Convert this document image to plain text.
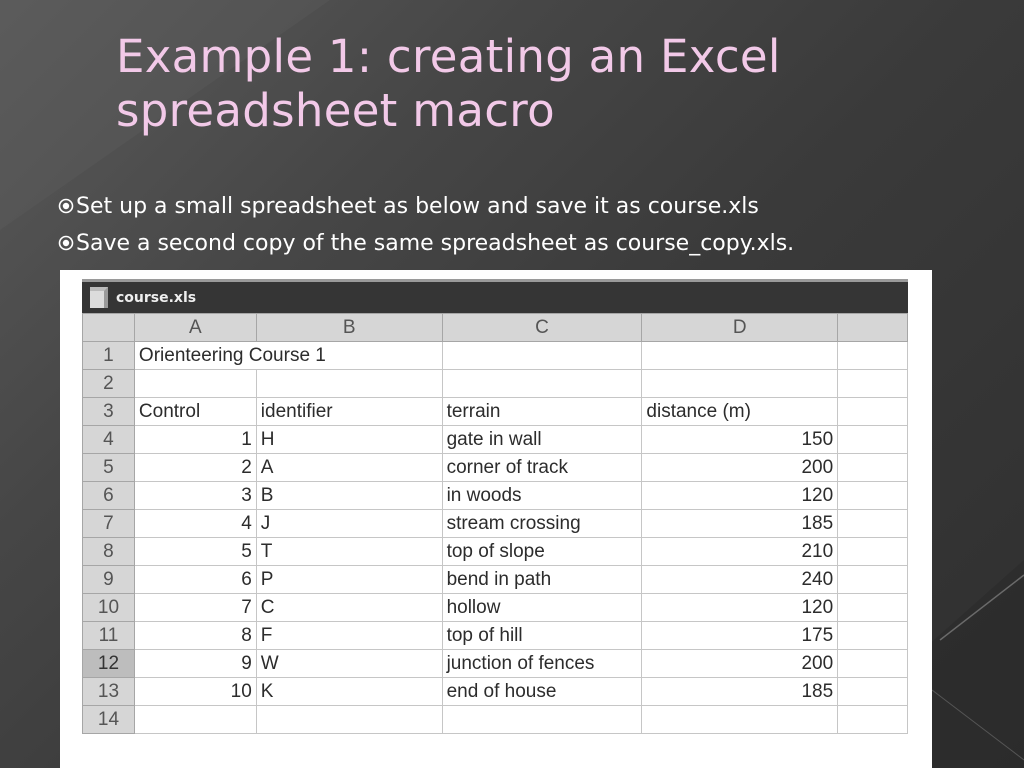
Example 1: creating an Excel
spreadsheet macro
Set up a small spreadsheet as below and save it as course.xls
Save a second copy of the same spreadsheet as course_copy.xls.
course.xls
	A	B	C	D	
1	Orienteering Course 1				
2					
3	Control	identifier	terrain	distance (m)	
4	1	H	gate in wall	150	
5	2	A	corner of track	200	
6	3	B	in woods	120	
7	4	J	stream crossing	185	
8	5	T	top of slope	210	
9	6	P	bend in path	240	
10	7	C	hollow	120	
11	8	F	top of hill	175	
12	9	W	junction of fences	200	
13	10	K	end of house	185	
14					
